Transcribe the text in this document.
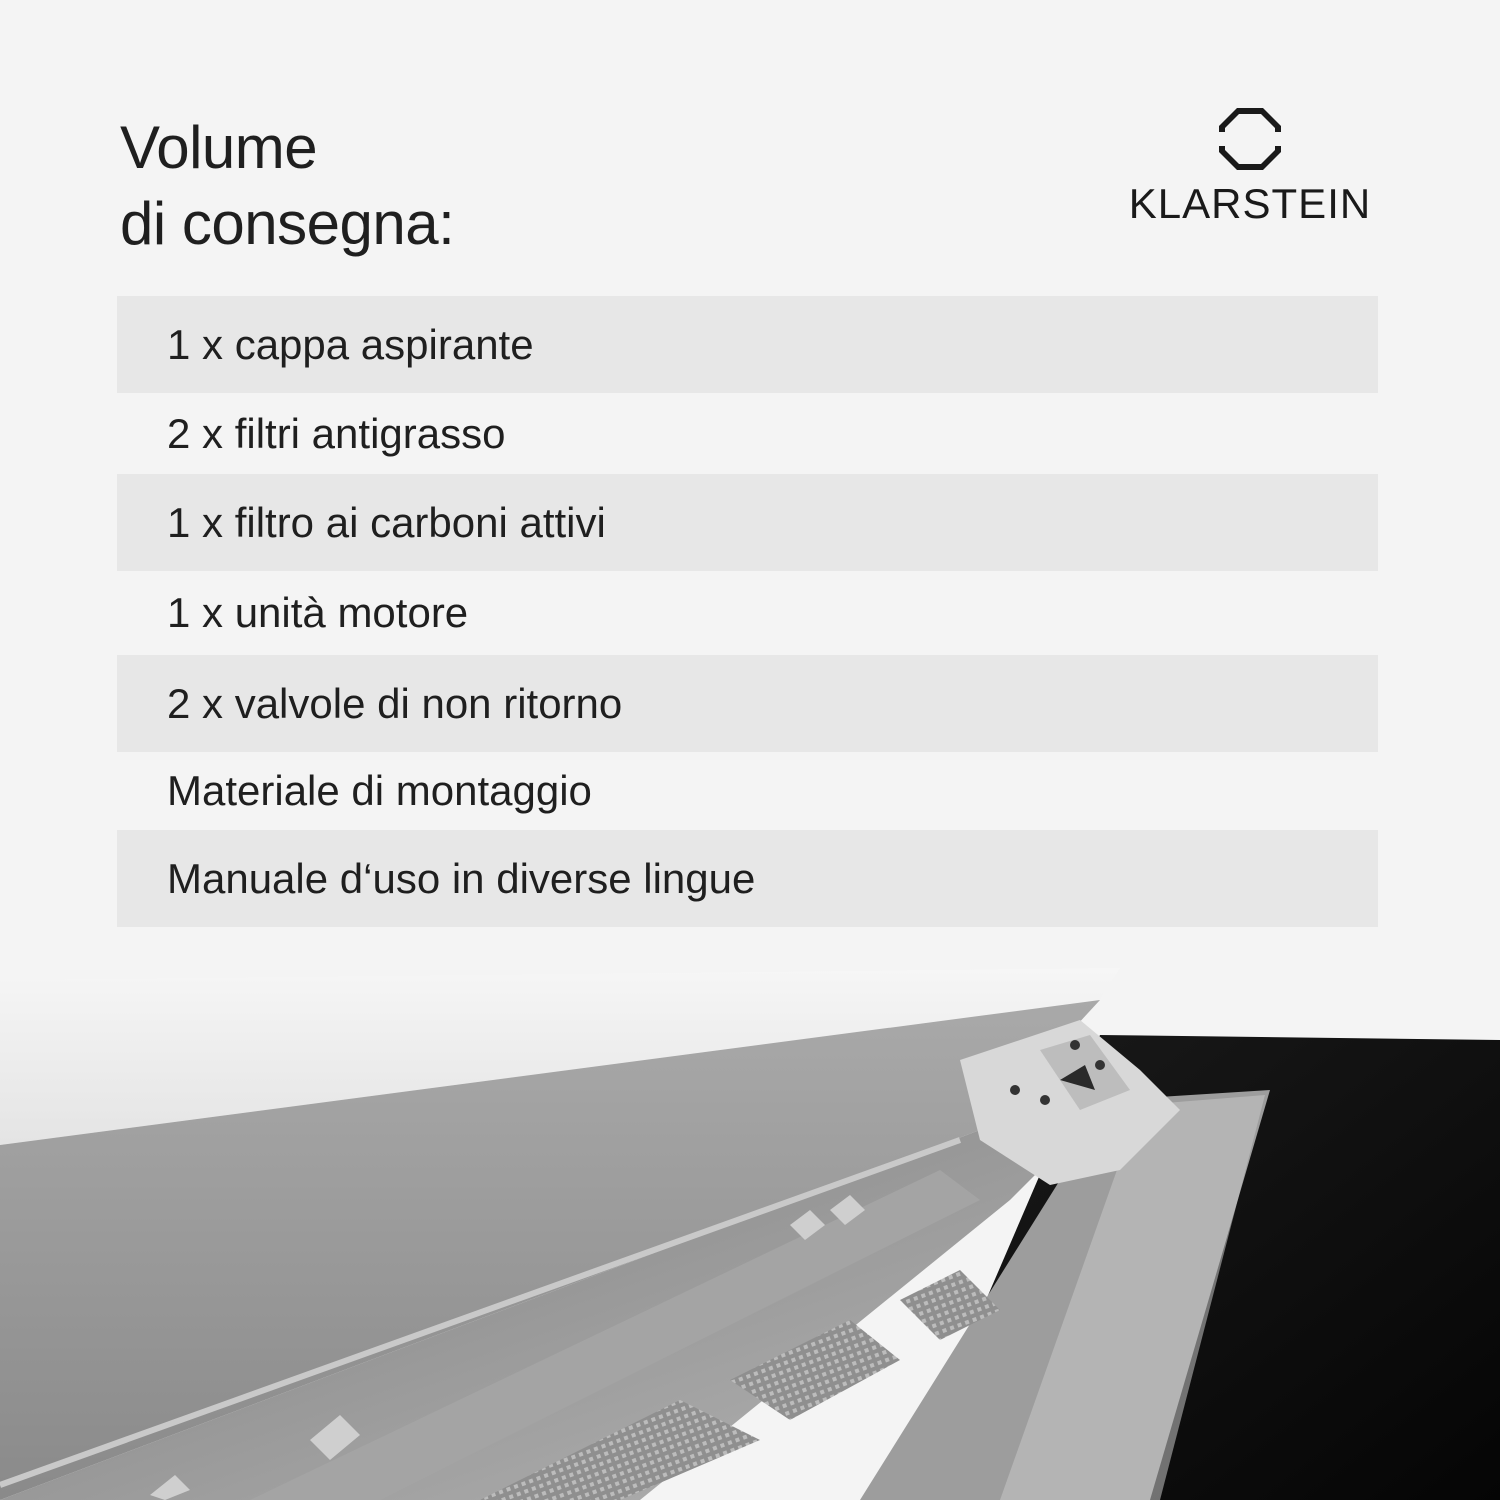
Volume
di consegna:	KLARSTEIN
1 x cappa aspirante
2 x filtri antigrasso
1 x filtro ai carboni attivi
1 x unità motore
2 x valvole di non ritorno
Materiale di montaggio
Manuale d‘uso in diverse lingue
